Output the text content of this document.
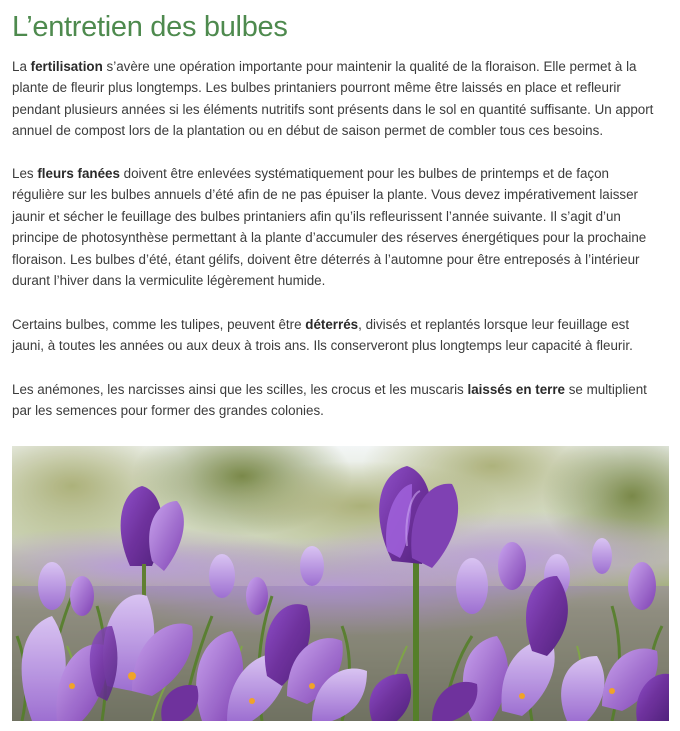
L’entretien des bulbes

La fertilisation s’avère une opération importante pour maintenir la qualité de la floraison. Elle permet à la plante de fleurir plus longtemps. Les bulbes printaniers pourront même être laissés en place et refleurir pendant plusieurs années si les éléments nutritifs sont présents dans le sol en quantité suffisante. Un apport annuel de compost lors de la plantation ou en début de saison permet de combler tous ces besoins.

Les fleurs fanées doivent être enlevées systématiquement pour les bulbes de printemps et de façon régulière sur les bulbes annuels d’été afin de ne pas épuiser la plante. Vous devez impérativement laisser jaunir et sécher le feuillage des bulbes printaniers afin qu’ils refleurissent l’année suivante. Il s’agit d’un principe de photosynthèse permettant à la plante d’accumuler des réserves énergétiques pour la prochaine floraison. Les bulbes d’été, étant gélifs, doivent être déterrés à l’automne pour être entreposés à l’intérieur durant l’hiver dans la vermiculite légèrement humide.

Certains bulbes, comme les tulipes, peuvent être déterrés, divisés et replantés lorsque leur feuillage est jauni, à toutes les années ou aux deux à trois ans. Ils conserveront plus longtemps leur capacité à fleurir.

Les anémones, les narcisses ainsi que les scilles, les crocus et les muscaris laissés en terre se multiplient par les semences pour former des grandes colonies.
